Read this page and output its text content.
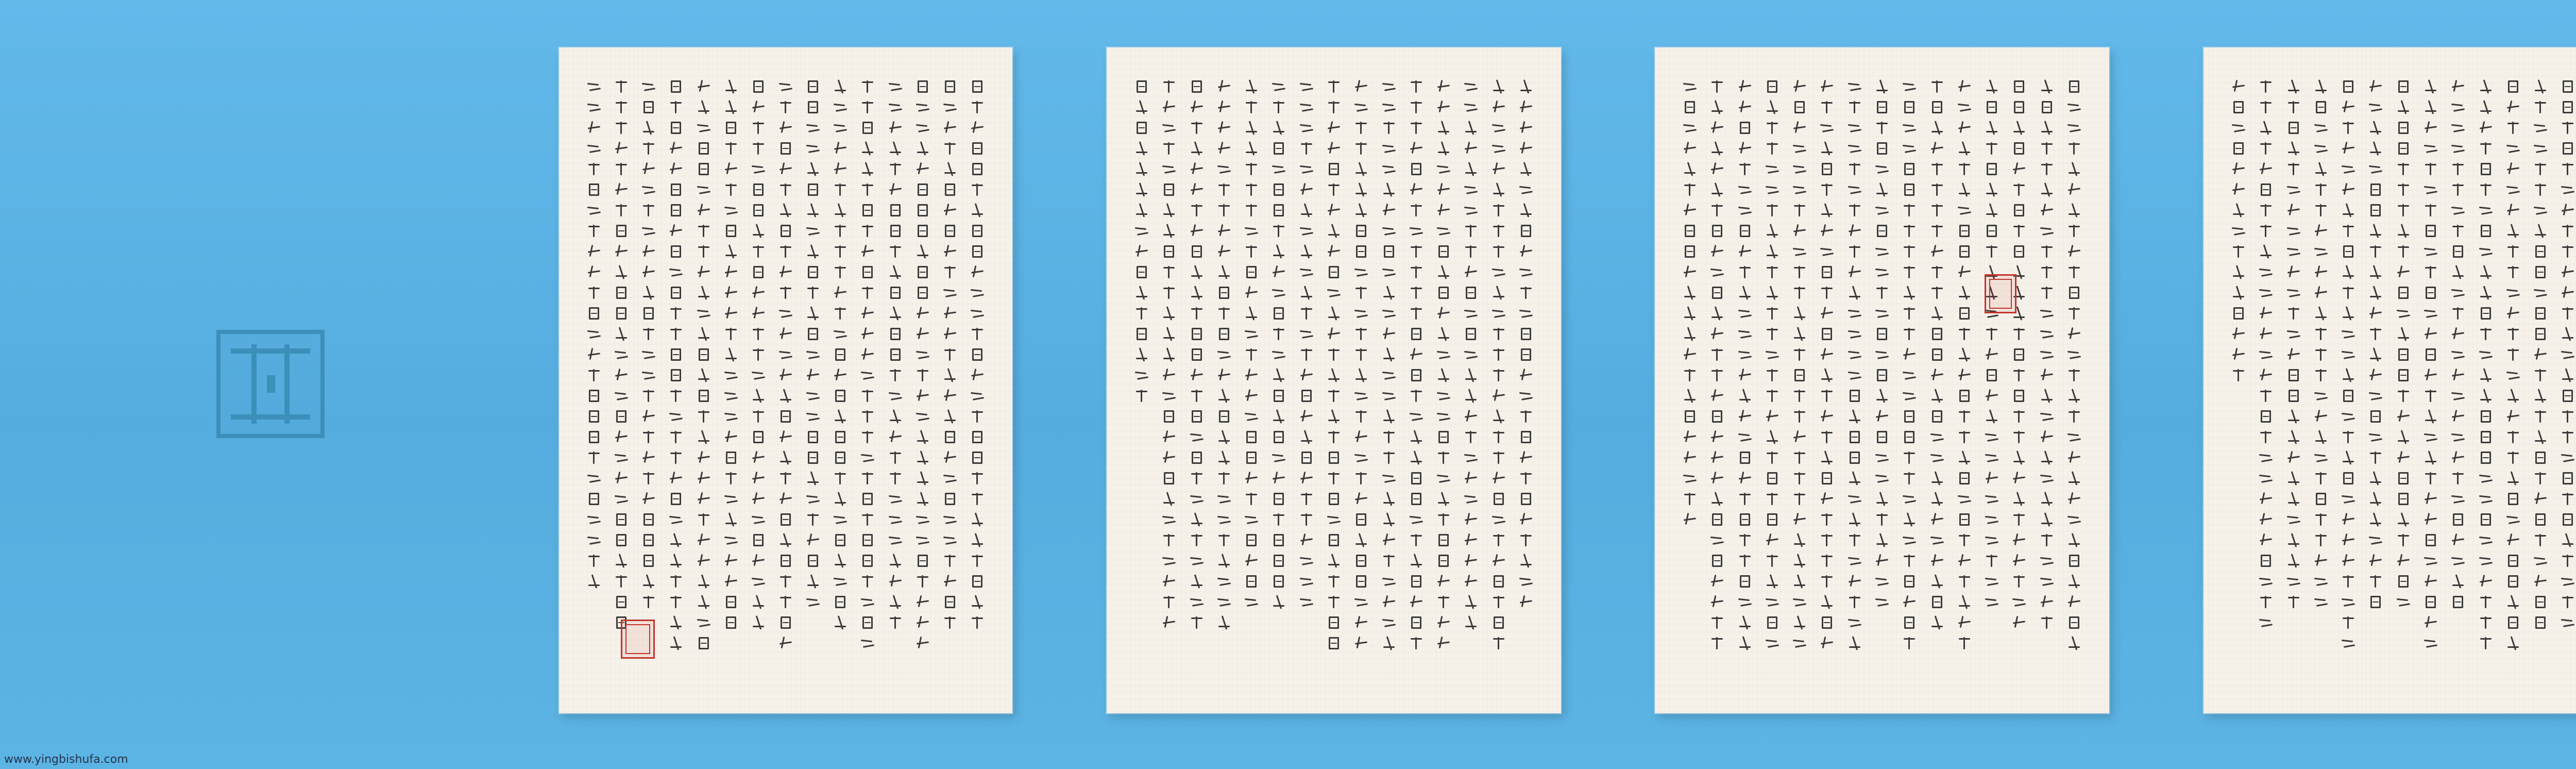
www.yingbishufa.com
